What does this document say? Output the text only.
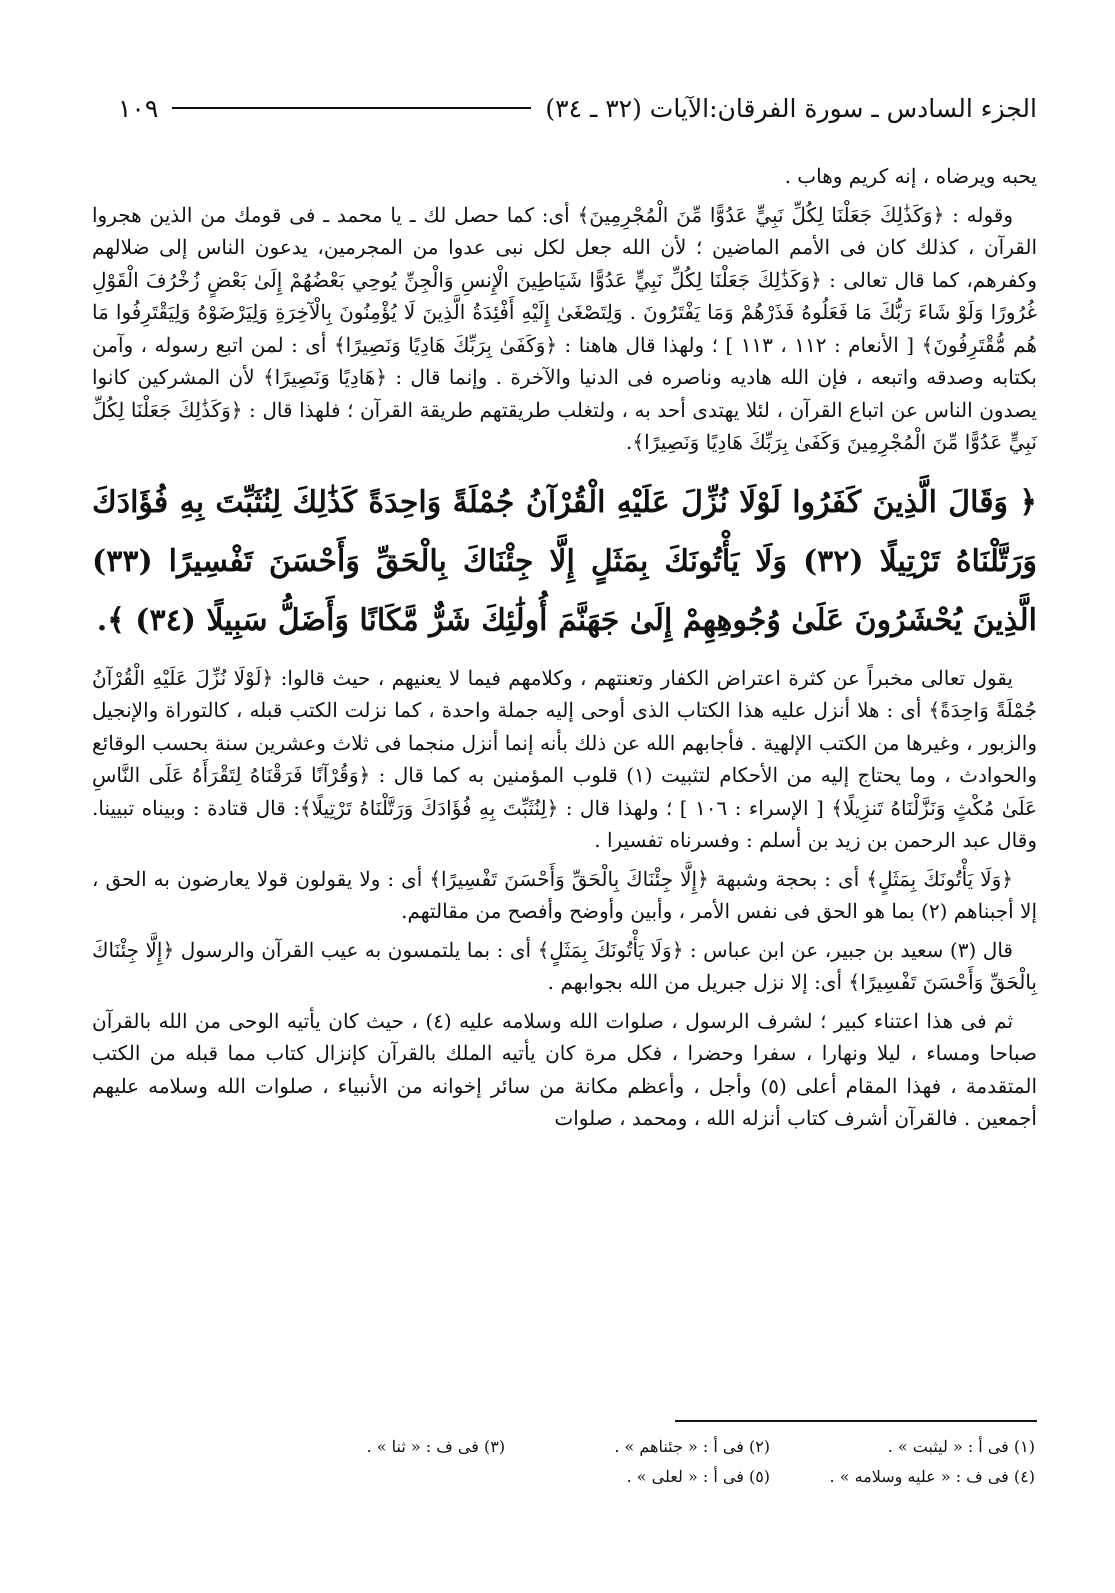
الجزء السادس ـ سورة الفرقان:الآيات (٣٢ ـ ٣٤)
١٠٩

يحبه ويرضاه ، إنه كريم وهاب .

وقوله : ﴿وَكَذَٰلِكَ جَعَلْنَا لِكُلِّ نَبِيٍّ عَدُوًّا مِّنَ الْمُجْرِمِينَ﴾ أى: كما حصل لك ـ يا محمد ـ فى قومك من الذين هجروا القرآن ، كذلك كان فى الأمم الماضين ؛ لأن الله جعل لكل نبى عدوا من المجرمين، يدعون الناس إلى ضلالهم وكفرهم، كما قال تعالى : ﴿وَكَذَٰلِكَ جَعَلْنَا لِكُلِّ نَبِيٍّ عَدُوًّا شَيَاطِينَ الْإِنسِ وَالْجِنِّ يُوحِي بَعْضُهُمْ إِلَىٰ بَعْضٍ زُخْرُفَ الْقَوْلِ غُرُورًا وَلَوْ شَاءَ رَبُّكَ مَا فَعَلُوهُ فَذَرْهُمْ وَمَا يَفْتَرُونَ . وَلِتَصْغَىٰ إِلَيْهِ أَفْئِدَةُ الَّذِينَ لَا يُؤْمِنُونَ بِالْآخِرَةِ وَلِيَرْضَوْهُ وَلِيَقْتَرِفُوا مَا هُم مُّقْتَرِفُونَ﴾ [ الأنعام : ١١٢ ، ١١٣ ] ؛ ولهذا قال هاهنا : ﴿وَكَفَىٰ بِرَبِّكَ هَادِيًا وَنَصِيرًا﴾ أى : لمن اتبع رسوله ، وآمن بكتابه وصدقه واتبعه ، فإن الله هاديه وناصره فى الدنيا والآخرة . وإنما قال : ﴿هَادِيًا وَنَصِيرًا﴾ لأن المشركين كانوا يصدون الناس عن اتباع القرآن ، لئلا يهتدى أحد به ، ولتغلب طريقتهم طريقة القرآن ؛ فلهذا قال : ﴿وَكَذَٰلِكَ جَعَلْنَا لِكُلِّ نَبِيٍّ عَدُوًّا مِّنَ الْمُجْرِمِينَ وَكَفَىٰ بِرَبِّكَ هَادِيًا وَنَصِيرًا﴾.

﴿ وَقَالَ الَّذِينَ كَفَرُوا لَوْلَا نُزِّلَ عَلَيْهِ الْقُرْآنُ جُمْلَةً وَاحِدَةً كَذَٰلِكَ لِنُثَبِّتَ بِهِ فُؤَادَكَ وَرَتَّلْنَاهُ تَرْتِيلًا (٣٢) وَلَا يَأْتُونَكَ بِمَثَلٍ إِلَّا جِئْنَاكَ بِالْحَقِّ وَأَحْسَنَ تَفْسِيرًا (٣٣) الَّذِينَ يُحْشَرُونَ عَلَىٰ وُجُوهِهِمْ إِلَىٰ جَهَنَّمَ أُولَٰئِكَ شَرٌّ مَّكَانًا وَأَضَلُّ سَبِيلًا (٣٤) ﴾.

يقول تعالى مخبراً عن كثرة اعتراض الكفار وتعنتهم ، وكلامهم فيما لا يعنيهم ، حيث قالوا: ﴿لَوْلَا نُزِّلَ عَلَيْهِ الْقُرْآنُ جُمْلَةً وَاحِدَةً﴾ أى : هلا أنزل عليه هذا الكتاب الذى أوحى إليه جملة واحدة ، كما نزلت الكتب قبله ، كالتوراة والإنجيل والزبور ، وغيرها من الكتب الإلهية . فأجابهم الله عن ذلك بأنه إنما أنزل منجما فى ثلاث وعشرين سنة بحسب الوقائع والحوادث ، وما يحتاج إليه من الأحكام لتثبيت (١) قلوب المؤمنين به كما قال : ﴿وَقُرْآنًا فَرَقْنَاهُ لِتَقْرَأَهُ عَلَى النَّاسِ عَلَىٰ مُكْثٍ وَنَزَّلْنَاهُ تَنزِيلًا﴾ [ الإسراء : ١٠٦ ] ؛ ولهذا قال : ﴿لِنُثَبِّتَ بِهِ فُؤَادَكَ وَرَتَّلْنَاهُ تَرْتِيلًا﴾: قال قتادة : وبيناه تبيينا. وقال عبد الرحمن بن زيد بن أسلم : وفسرناه تفسيرا .

﴿وَلَا يَأْتُونَكَ بِمَثَلٍ﴾ أى : بحجة وشبهة ﴿إِلَّا جِئْنَاكَ بِالْحَقِّ وَأَحْسَنَ تَفْسِيرًا﴾ أى : ولا يقولون قولا يعارضون به الحق ، إلا أجبناهم (٢) بما هو الحق فى نفس الأمر ، وأبين وأوضح وأفصح من مقالتهم.

قال (٣) سعيد بن جبير، عن ابن عباس : ﴿وَلَا يَأْتُونَكَ بِمَثَلٍ﴾ أى : بما يلتمسون به عيب القرآن والرسول ﴿إِلَّا جِئْنَاكَ بِالْحَقِّ وَأَحْسَنَ تَفْسِيرًا﴾ أى: إلا نزل جبريل من الله بجوابهم .

ثم فى هذا اعتناء كبير ؛ لشرف الرسول ، صلوات الله وسلامه عليه (٤) ، حيث كان يأتيه الوحى من الله بالقرآن صباحا ومساء ، ليلا ونهارا ، سفرا وحضرا ، فكل مرة كان يأتيه الملك بالقرآن كإنزال كتاب مما قبله من الكتب المتقدمة ، فهذا المقام أعلى (٥) وأجل ، وأعظم مكانة من سائر إخوانه من الأنبياء ، صلوات الله وسلامه عليهم أجمعين . فالقرآن أشرف كتاب أنزله الله ، ومحمد ، صلوات

(١) فى أ : « ليثبت » .
(٢) فى أ : « جئناهم » .
(٣) فى ف : « ثنا » .
(٤) فى ف : « عليه وسلامه » .
(٥) فى أ : « لعلى » .
